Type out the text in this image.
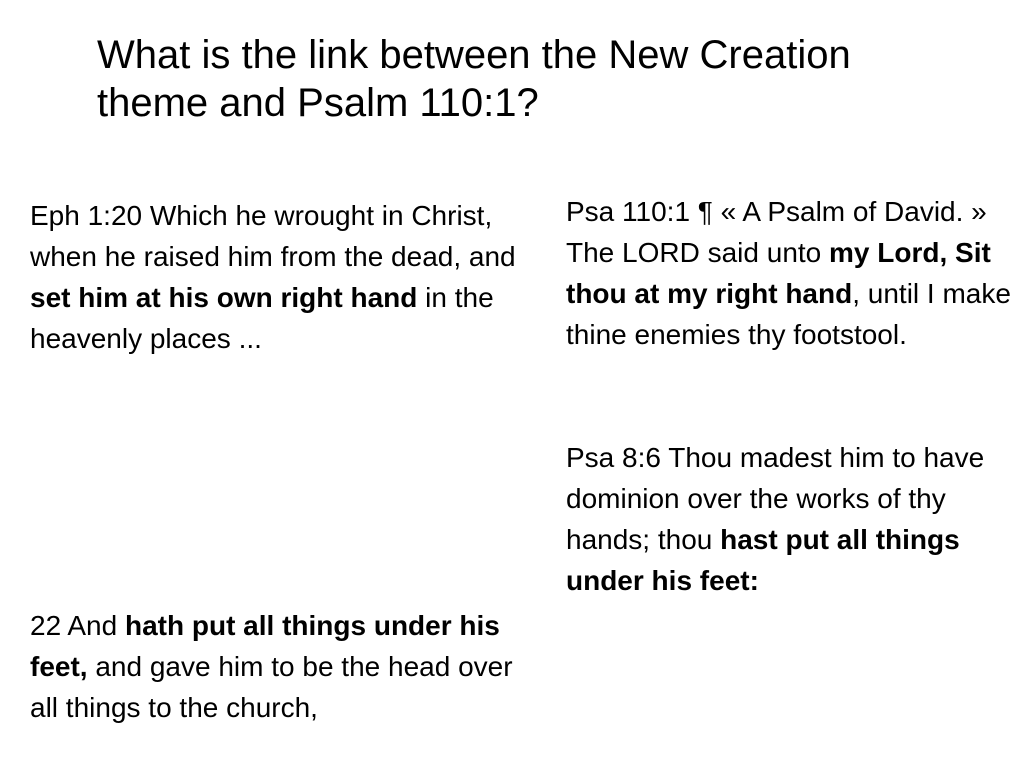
What is the link between the New Creation theme and Psalm 110:1?

Eph 1:20 Which he wrought in Christ, when he raised him from the dead, and set him at his own right hand in the heavenly places ...

22 And hath put all things under his feet, and gave him to be the head over all things to the church,

Psa 110:1 ¶ « A Psalm of David. » The LORD said unto my Lord, Sit thou at my right hand, until I make thine enemies thy footstool.

Psa 8:6 Thou madest him to have dominion over the works of thy hands; thou hast put all things under his feet:
